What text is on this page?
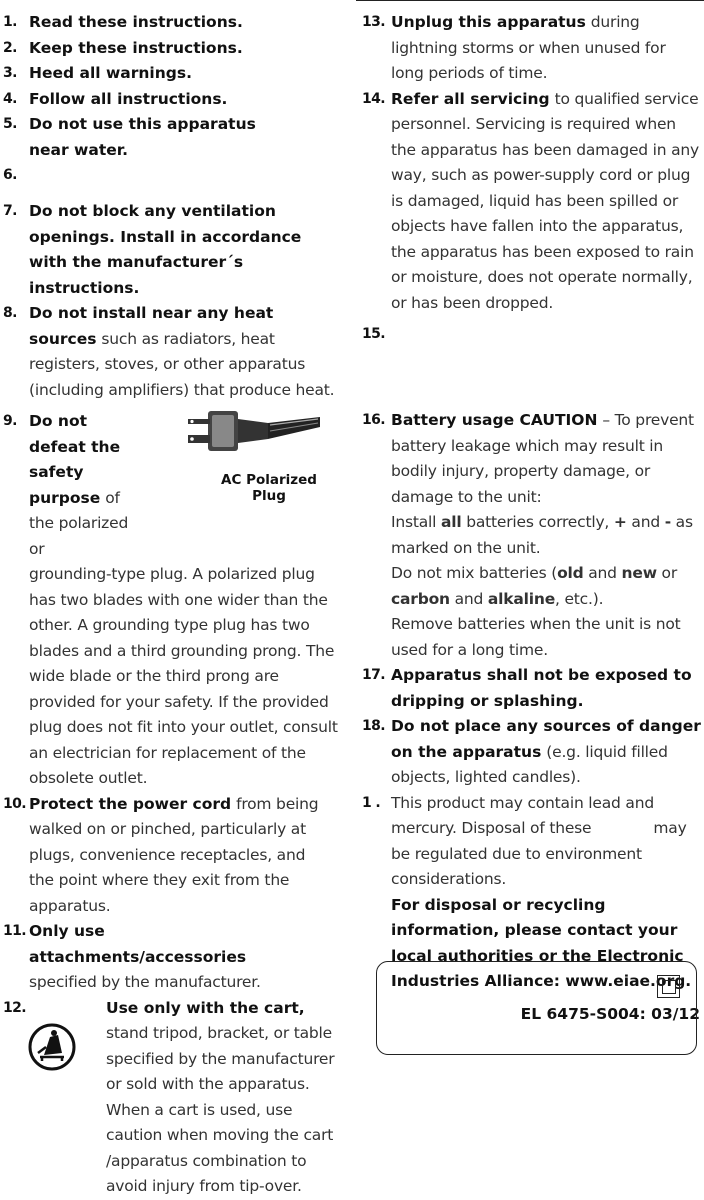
1. Read these instructions.

2. Keep these instructions.

3. Heed all warnings.

4. Follow all instructions.

5. Do not use this apparatus near water.

6.

7. Do not block any ventilation openings. Install in accordance with the manufacturer´s instructions.

8. Do not install near any heat sources such as radiators, heat registers, stoves, or other apparatus (including amplifiers) that produce heat.

9. Do not defeat the safety purpose of the polarized or

AC Polarized Plug

grounding-type plug. A polarized plug has two blades with one wider than the other. A grounding type plug has two blades and a third grounding prong. The wide blade or the third prong are provided for your safety. If the provided plug does not fit into your outlet, consult an electrician for replacement of the obsolete outlet.

10. Protect the power cord from being walked on or pinched, particularly at plugs, convenience receptacles, and the point where they exit from the apparatus.

11. Only use attachments/accessories specified by the manufacturer.

12.	Use only with the cart, stand tripod, bracket, or table specified by the manufacturer or sold with the apparatus. When a cart is used, use caution when moving the cart /apparatus combination to avoid injury from tip-over.

13. Unplug this apparatus during lightning storms or when unused for long periods of time.

14. Refer all servicing to qualified service personnel. Servicing is required when the apparatus has been damaged in any way, such as power-supply cord or plug is damaged, liquid has been spilled or objects have fallen into the apparatus, the apparatus has been exposed to rain or moisture, does not operate normally, or has been dropped.

15.

16. Battery usage CAUTION – To prevent battery leakage which may result in bodily injury, property damage, or damage to the unit:
Install all batteries correctly, + and - as marked on the unit.
Do not mix batteries (old and new or carbon and alkaline, etc.).
Remove batteries when the unit is not used for a long time.

17. Apparatus shall not be exposed to dripping or splashing.

18. Do not place any sources of danger on the apparatus (e.g. liquid filled objects, lighted candles).

1 . This product may contain lead and mercury. Disposal of these	may be regulated due to environment considerations.
For disposal or recycling information, please contact your local authorities or the Electronic Industries Alliance: www.eiae.org.

EL 6475-S004: 03/12
